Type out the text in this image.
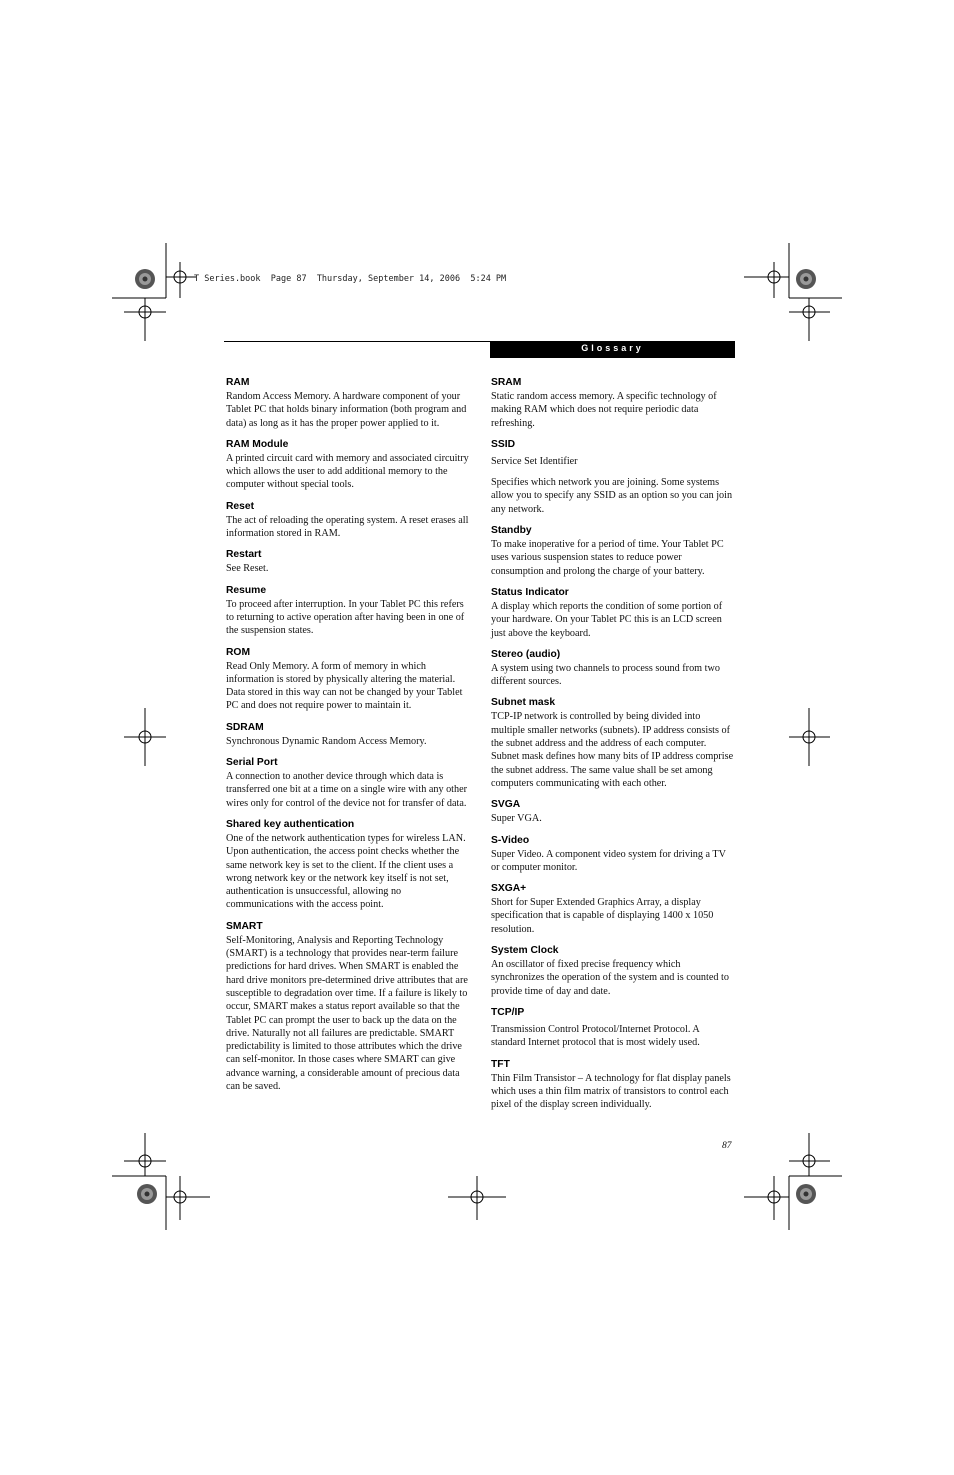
T Series.book  Page 87  Thursday, September 14, 2006  5:24 PM
Glossary
RAM

Random Access Memory. A hardware component of your Tablet PC that holds binary information (both program and data) as long as it has the proper power applied to it.

RAM Module

A printed circuit card with memory and associated circuitry which allows the user to add additional memory to the computer without special tools.

Reset

The act of reloading the operating system. A reset erases all information stored in RAM.

Restart

See Reset.

Resume

To proceed after interruption. In your Tablet PC this refers to returning to active operation after having been in one of the suspension states.

ROM

Read Only Memory. A form of memory in which information is stored by physically altering the material. Data stored in this way can not be changed by your Tablet PC and does not require power to maintain it.

SDRAM

Synchronous Dynamic Random Access Memory.

Serial Port

A connection to another device through which data is transferred one bit at a time on a single wire with any other wires only for control of the device not for transfer of data.

Shared key authentication

One of the network authentication types for wireless LAN. Upon authentication, the access point checks whether the same network key is set to the client. If the client uses a wrong network key or the network key itself is not set, authentication is unsuccessful, allowing no communications with the access point.

SMART

Self-Monitoring, Analysis and Reporting Technology (SMART) is a technology that provides near-term failure predictions for hard drives. When SMART is enabled the hard drive monitors pre-determined drive attributes that are susceptible to degradation over time. If a failure is likely to occur, SMART makes a status report available so that the Tablet PC can prompt the user to back up the data on the drive. Naturally not all failures are predictable. SMART predictability is limited to those attributes which the drive can self-monitor. In those cases where SMART can give advance warning, a considerable amount of precious data can be saved.

SRAM

Static random access memory. A specific technology of making RAM which does not require periodic data refreshing.

SSID

Service Set Identifier

Specifies which network you are joining. Some systems allow you to specify any SSID as an option so you can join any network.

Standby

To make inoperative for a period of time. Your Tablet PC uses various suspension states to reduce power consumption and prolong the charge of your battery.

Status Indicator

A display which reports the condition of some portion of your hardware. On your Tablet PC this is an LCD screen just above the keyboard.

Stereo (audio)

A system using two channels to process sound from two different sources.

Subnet mask

TCP-IP network is controlled by being divided into multiple smaller networks (subnets). IP address consists of the subnet address and the address of each computer. Subnet mask defines how many bits of IP address comprise the subnet address. The same value shall be set among computers communicating with each other.

SVGA

Super VGA.

S-Video

Super Video. A component video system for driving a TV or computer monitor.

SXGA+

Short for Super Extended Graphics Array, a display specification that is capable of displaying 1400 x 1050 resolution.

System Clock

An oscillator of fixed precise frequency which synchronizes the operation of the system and is counted to provide time of day and date.

TCP/IP

Transmission Control Protocol/Internet Protocol. A standard Internet protocol that is most widely used.

TFT

Thin Film Transistor – A technology for flat display panels which uses a thin film matrix of transistors to control each pixel of the display screen individually.

87
